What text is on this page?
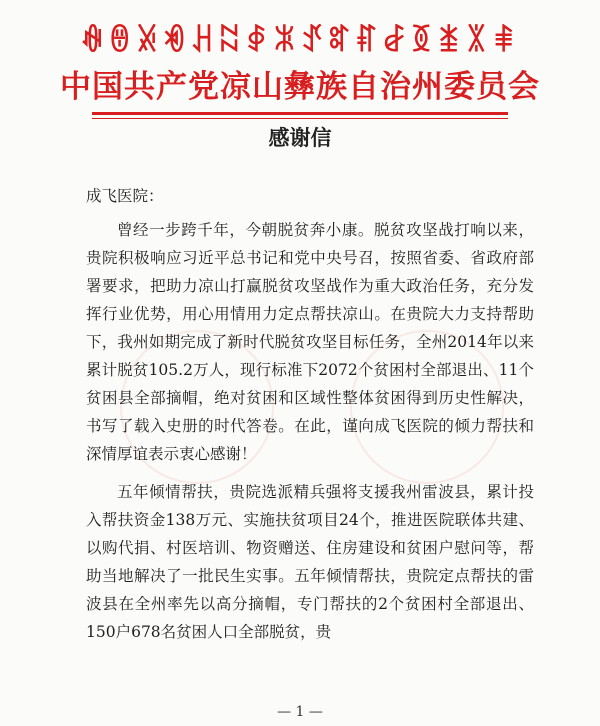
ꊿꇩꊉꏓꃅꉆꇉꍝꀋꎡꐥꆀꅉꁧꇓꑌ
中国共产党凉山彝族自治州委员会
感谢信

成飞医院：

曾经一步跨千年，今朝脱贫奔小康。脱贫攻坚战打响以来，贵院积极响应习近平总书记和党中央号召，按照省委、省政府部署要求，把助力凉山打赢脱贫攻坚战作为重大政治任务，充分发挥行业优势，用心用情用力定点帮扶凉山。在贵院大力支持帮助下，我州如期完成了新时代脱贫攻坚目标任务，全州2014年以来累计脱贫105.2万人，现行标准下2072个贫困村全部退出、11个贫困县全部摘帽，绝对贫困和区域性整体贫困得到历史性解决，书写了载入史册的时代答卷。在此，谨向成飞医院的倾力帮扶和深情厚谊表示衷心感谢！

五年倾情帮扶，贵院选派精兵强将支援我州雷波县，累计投入帮扶资金138万元、实施扶贫项目24个，推进医院联体共建、以购代捐、村医培训、物资赠送、住房建设和贫困户慰问等，帮助当地解决了一批民生实事。五年倾情帮扶，贵院定点帮扶的雷波县在全州率先以高分摘帽，专门帮扶的2个贫困村全部退出、150户678名贫困人口全部脱贫，贵

— 1 —
